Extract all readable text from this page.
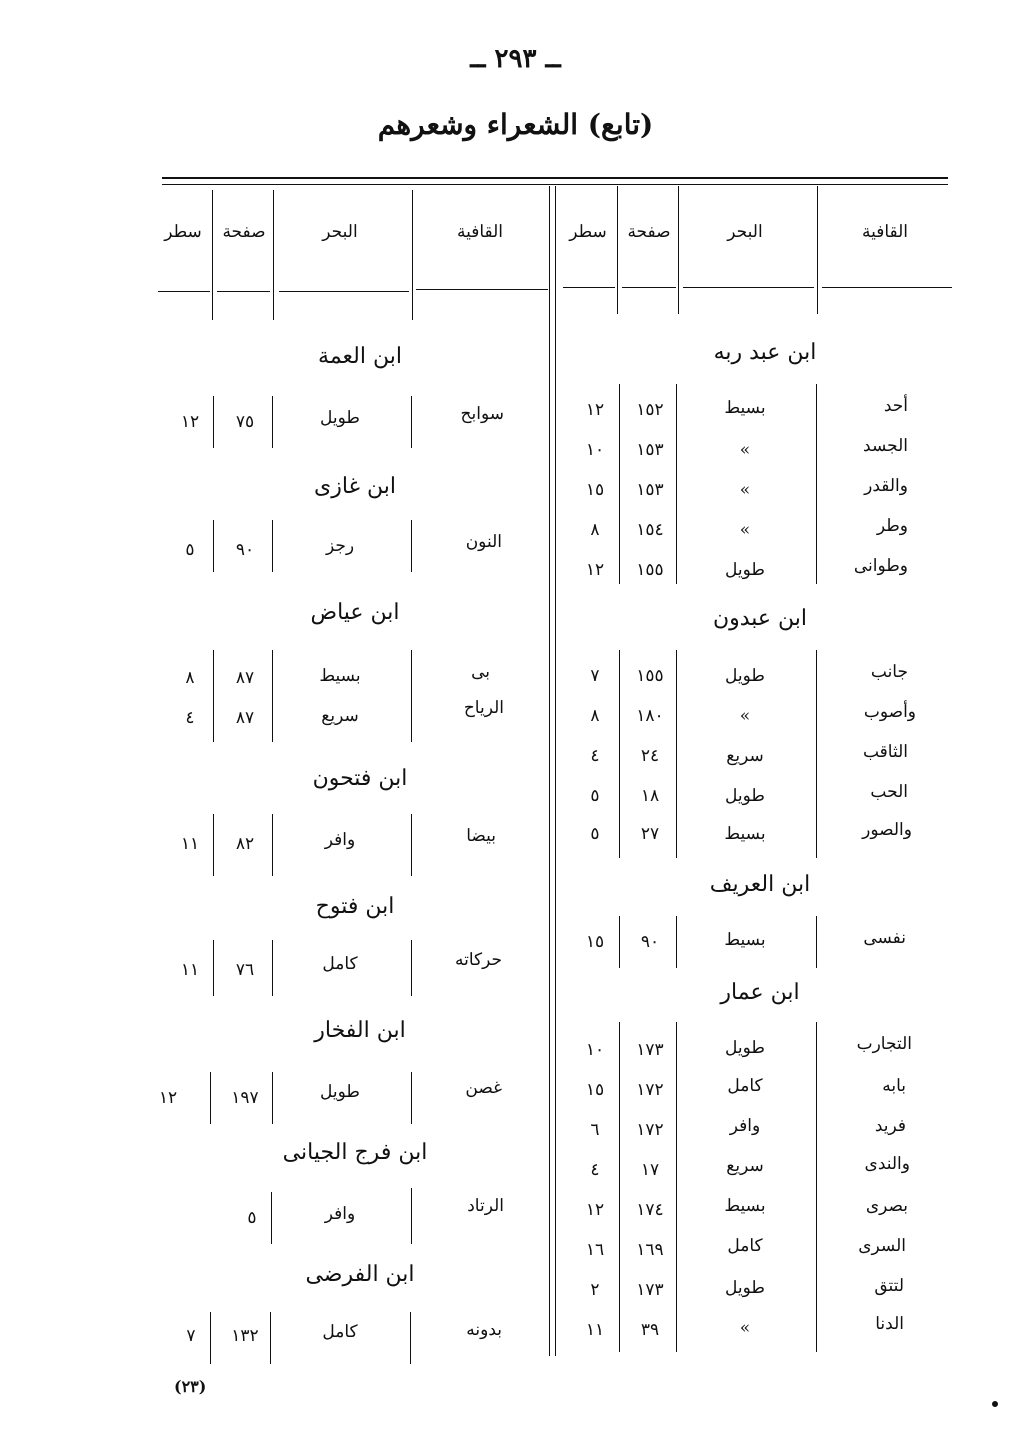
ــ ۲۹۳ ــ
(تابع) الشعراء وشعرهم
القافية
البحر
صفحة
سطر
القافية
البحر
صفحة
سطر
ابن عبد ربه
أحد
بسيط
١٥٢
١٢
الجسد
»
١٥٣
١٠
والقدر
»
١٥٣
١٥
وطر
»
١٥٤
٨
وطوانى
طويل
١٥٥
١٢
ابن عبدون
جانب
طويل
١٥٥
٧
وأصوب
»
١٨٠
٨
الثاقب
سريع
٢٤
٤
الحب
طويل
١٨
٥
والصور
بسيط
٢٧
٥
ابن العريف
نفسى
بسيط
٩٠
١٥
ابن عمار
التجارب
طويل
١٧٣
١٠
بابه
كامل
١٧٢
١٥
فريد
وافر
١٧٢
٦
والندى
سريع
١٧
٤
بصرى
بسيط
١٧٤
١٢
السرى
كامل
١٦٩
١٦
لتتق
طويل
١٧٣
٢
الدنا
»
٣٩
١١
ابن العمة
سوابح
طويل
٧٥
١٢
ابن غازى
النون
رجز
٩٠
٥
ابن عياض
بى
بسيط
٨٧
٨
الرياح
سريع
٨٧
٤
ابن فتحون
بيضا
وافر
٨٢
١١
ابن فتوح
حركاته
كامل
٧٦
١١
ابن الفخار
غصن
طويل
١٩٧
١٢
ابن فرج الجيانى
الرتاد
وافر
٥
ابن الفرضى
بدونه
كامل
١٣٢
٧
(٢٣)
